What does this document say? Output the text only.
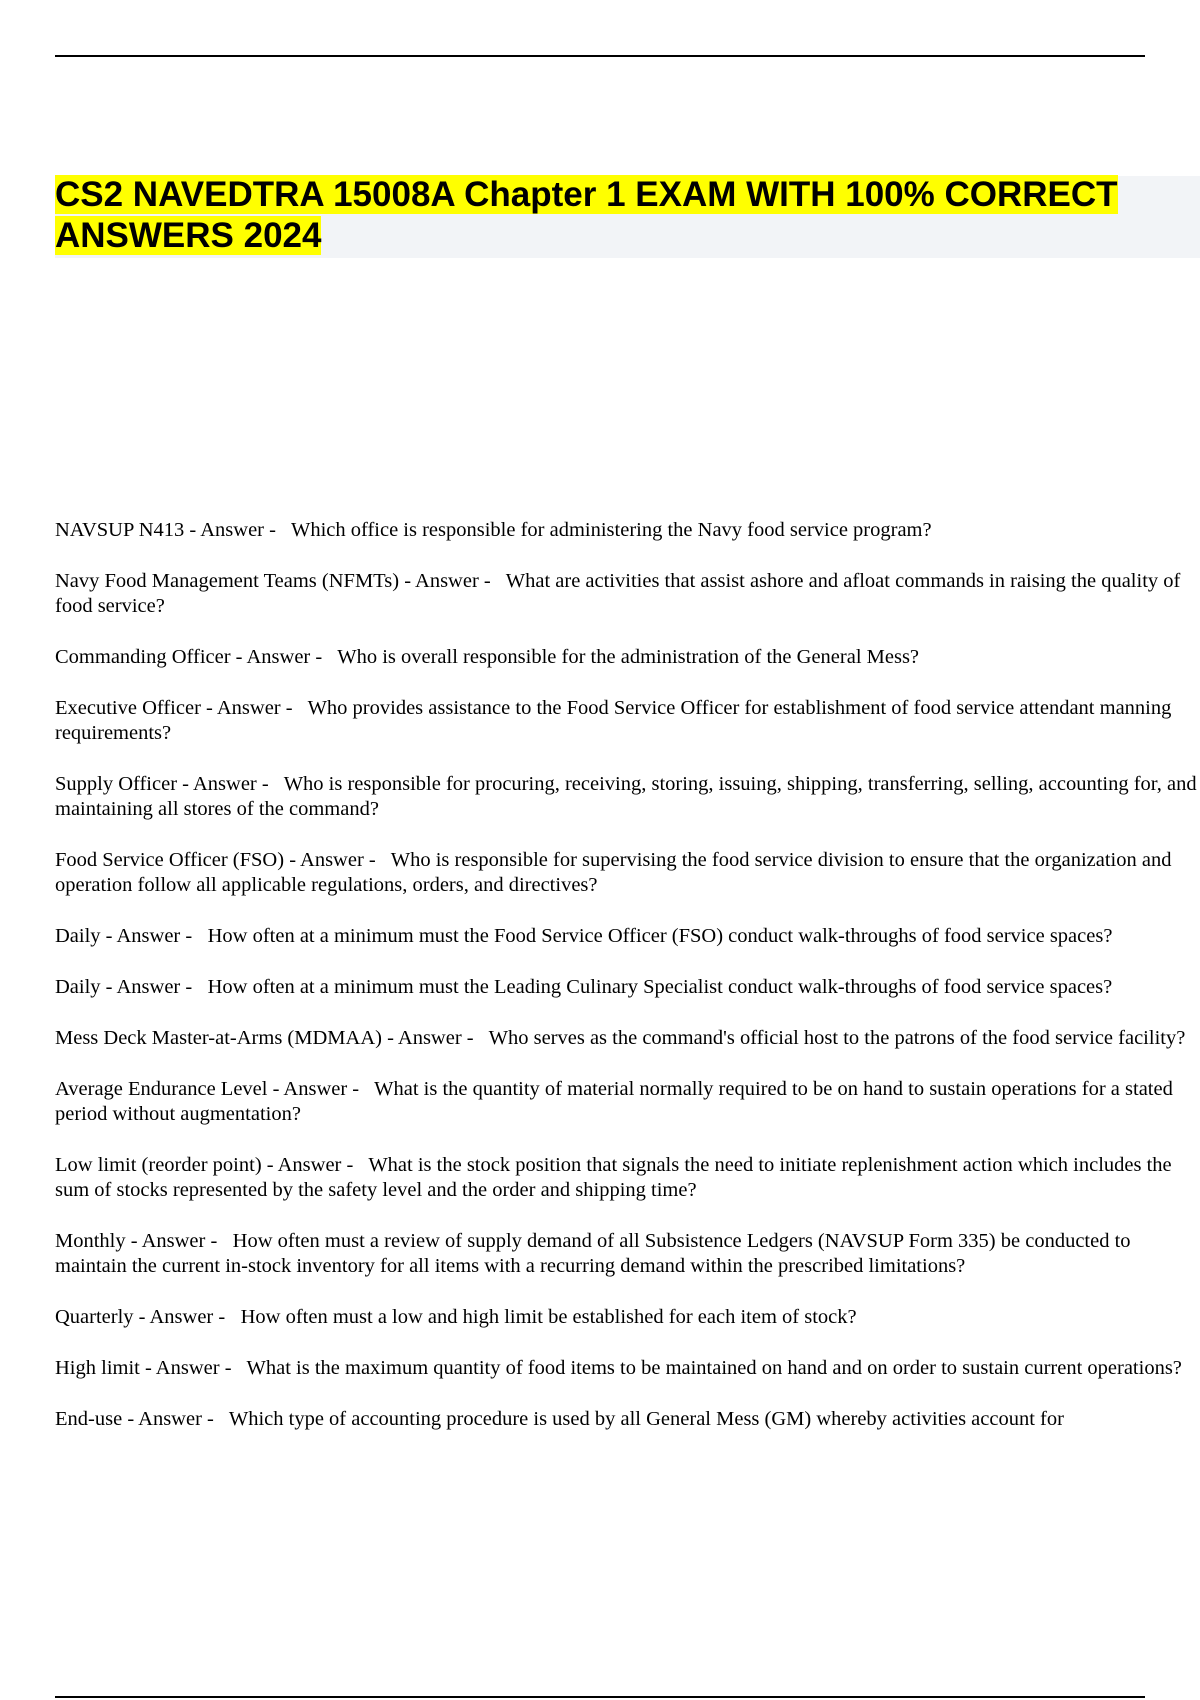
CS2 NAVEDTRA 15008A Chapter 1 EXAM WITH 100% CORRECT ANSWERS 2024
NAVSUP N413 - Answer -   Which office is responsible for administering the Navy food service program?
Navy Food Management Teams (NFMTs) - Answer -   What are activities that assist ashore and afloat commands in raising the quality of food service?
Commanding Officer - Answer -   Who is overall responsible for the administration of the General Mess?
Executive Officer - Answer -   Who provides assistance to the Food Service Officer for establishment of food service attendant manning requirements?
Supply Officer - Answer -   Who is responsible for procuring, receiving, storing, issuing, shipping, transferring, selling, accounting for, and maintaining all stores of the command?
Food Service Officer (FSO) - Answer -   Who is responsible for supervising the food service division to ensure that the organization and operation follow all applicable regulations, orders, and directives?
Daily - Answer -   How often at a minimum must the Food Service Officer (FSO) conduct walk-throughs of food service spaces?
Daily - Answer -   How often at a minimum must the Leading Culinary Specialist conduct walk-throughs of food service spaces?
Mess Deck Master-at-Arms (MDMAA) - Answer -   Who serves as the command's official host to the patrons of the food service facility?
Average Endurance Level - Answer -   What is the quantity of material normally required to be on hand to sustain operations for a stated period without augmentation?
Low limit (reorder point) - Answer -   What is the stock position that signals the need to initiate replenishment action which includes the sum of stocks represented by the safety level and the order and shipping time?
Monthly - Answer -   How often must a review of supply demand of all Subsistence Ledgers (NAVSUP Form 335) be conducted to maintain the current in-stock inventory for all items with a recurring demand within the prescribed limitations?
Quarterly - Answer -   How often must a low and high limit be established for each item of stock?
High limit - Answer -   What is the maximum quantity of food items to be maintained on hand and on order to sustain current operations?
End-use - Answer -   Which type of accounting procedure is used by all General Mess (GM) whereby activities account for
